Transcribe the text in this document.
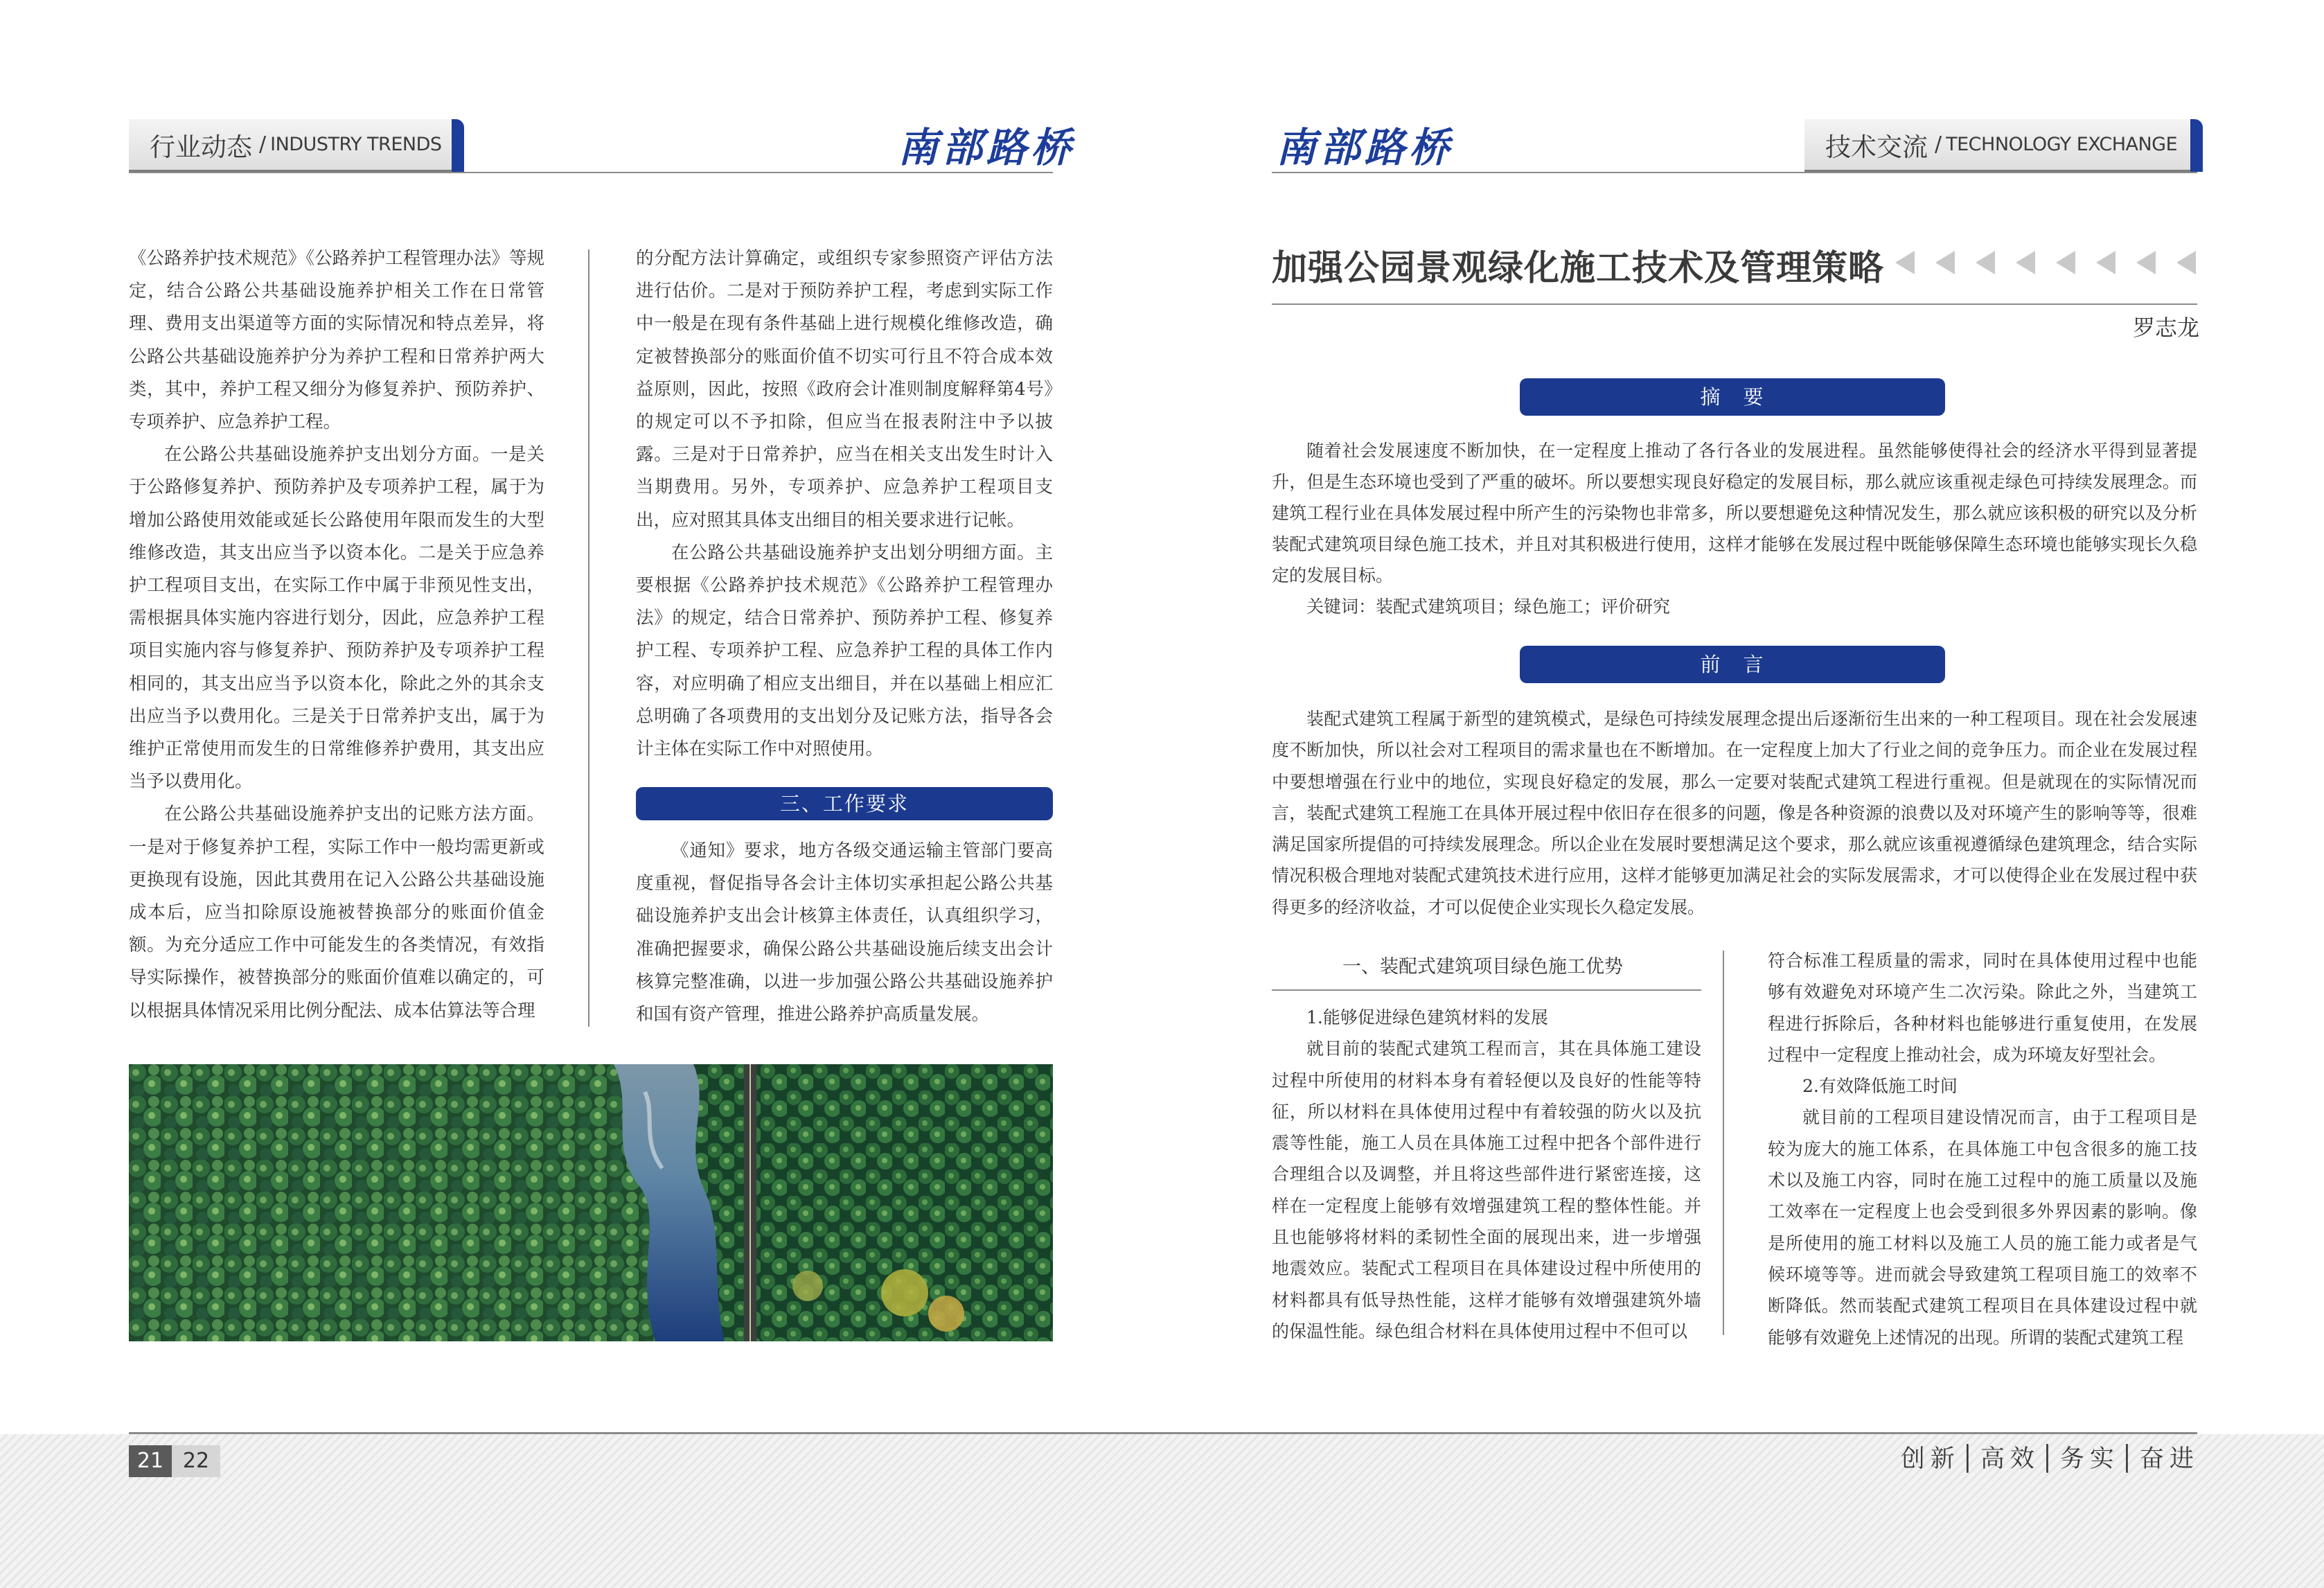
行业动态 / INDUSTRY TRENDS	南部路桥

《公路养护技术规范》《公路养护工程管理办法》等规定，结合公路公共基础设施养护相关工作在日常管理、费用支出渠道等方面的实际情况和特点差异，将公路公共基础设施养护分为养护工程和日常养护两大类，其中，养护工程又细分为修复养护、预防养护、专项养护、应急养护工程。

在公路公共基础设施养护支出划分方面。一是关于公路修复养护、预防养护及专项养护工程，属于为增加公路使用效能或延长公路使用年限而发生的大型维修改造，其支出应当予以资本化。二是关于应急养护工程项目支出，在实际工作中属于非预见性支出，需根据具体实施内容进行划分，因此，应急养护工程项目实施内容与修复养护、预防养护及专项养护工程相同的，其支出应当予以资本化，除此之外的其余支出应当予以费用化。三是关于日常养护支出，属于为维护正常使用而发生的日常维修养护费用，其支出应当予以费用化。

在公路公共基础设施养护支出的记账方法方面。一是对于修复养护工程，实际工作中一般均需更新或更换现有设施，因此其费用在记入公路公共基础设施成本后，应当扣除原设施被替换部分的账面价值金额。为充分适应工作中可能发生的各类情况，有效指导实际操作，被替换部分的账面价值难以确定的，可以根据具体情况采用比例分配法、成本估算法等合理

的分配方法计算确定，或组织专家参照资产评估方法进行估价。二是对于预防养护工程，考虑到实际工作中一般是在现有条件基础上进行规模化维修改造，确定被替换部分的账面价值不切实可行且不符合成本效益原则，因此，按照《政府会计准则制度解释第4号》的规定可以不予扣除，但应当在报表附注中予以披露。三是对于日常养护，应当在相关支出发生时计入当期费用。另外，专项养护、应急养护工程项目支出，应对照其具体支出细目的相关要求进行记帐。

在公路公共基础设施养护支出划分明细方面。主要根据《公路养护技术规范》《公路养护工程管理办法》的规定，结合日常养护、预防养护工程、修复养护工程、专项养护工程、应急养护工程的具体工作内容，对应明确了相应支出细目，并在以基础上相应汇总明确了各项费用的支出划分及记账方法，指导各会计主体在实际工作中对照使用。

三、工作要求

《通知》要求，地方各级交通运输主管部门要高度重视，督促指导各会计主体切实承担起公路公共基础设施养护支出会计核算主体责任，认真组织学习，准确把握要求，确保公路公共基础设施后续支出会计核算完整准确，以进一步加强公路公共基础设施养护和国有资产管理，推进公路养护高质量发展。

南部路桥	技术交流 / TECHNOLOGY EXCHANGE
加强公园景观绿化施工技术及管理策略
罗志龙
摘　要

随着社会发展速度不断加快，在一定程度上推动了各行各业的发展进程。虽然能够使得社会的经济水平得到显著提升，但是生态环境也受到了严重的破坏。所以要想实现良好稳定的发展目标，那么就应该重视走绿色可持续发展理念。而建筑工程行业在具体发展过程中所产生的污染物也非常多，所以要想避免这种情况发生，那么就应该积极的研究以及分析装配式建筑项目绿色施工技术，并且对其积极进行使用，这样才能够在发展过程中既能够保障生态环境也能够实现长久稳定的发展目标。

关键词：装配式建筑项目；绿色施工；评价研究

前　言

装配式建筑工程属于新型的建筑模式，是绿色可持续发展理念提出后逐渐衍生出来的一种工程项目。现在社会发展速度不断加快，所以社会对工程项目的需求量也在不断增加。在一定程度上加大了行业之间的竞争压力。而企业在发展过程中要想增强在行业中的地位，实现良好稳定的发展，那么一定要对装配式建筑工程进行重视。但是就现在的实际情况而言，装配式建筑工程施工在具体开展过程中依旧存在很多的问题，像是各种资源的浪费以及对环境产生的影响等等，很难满足国家所提倡的可持续发展理念。所以企业在发展时要想满足这个要求，那么就应该重视遵循绿色建筑理念，结合实际情况积极合理地对装配式建筑技术进行应用，这样才能够更加满足社会的实际发展需求，才可以使得企业在发展过程中获得更多的经济收益，才可以促使企业实现长久稳定发展。

一、装配式建筑项目绿色施工优势

1.能够促进绿色建筑材料的发展

就目前的装配式建筑工程而言，其在具体施工建设过程中所使用的材料本身有着轻便以及良好的性能等特征，所以材料在具体使用过程中有着较强的防火以及抗震等性能，施工人员在具体施工过程中把各个部件进行合理组合以及调整，并且将这些部件进行紧密连接，这样在一定程度上能够有效增强建筑工程的整体性能。并且也能够将材料的柔韧性全面的展现出来，进一步增强地震效应。装配式工程项目在具体建设过程中所使用的材料都具有低导热性能，这样才能够有效增强建筑外墙的保温性能。绿色组合材料在具体使用过程中不但可以

符合标准工程质量的需求，同时在具体使用过程中也能够有效避免对环境产生二次污染。除此之外，当建筑工程进行拆除后，各种材料也能够进行重复使用，在发展过程中一定程度上推动社会，成为环境友好型社会。

2.有效降低施工时间

就目前的工程项目建设情况而言，由于工程项目是较为庞大的施工体系，在具体施工中包含很多的施工技术以及施工内容，同时在施工过程中的施工质量以及施工效率在一定程度上也会受到很多外界因素的影响。像是所使用的施工材料以及施工人员的施工能力或者是气候环境等等。进而就会导致建筑工程项目施工的效率不断降低。然而装配式建筑工程项目在具体建设过程中就能够有效避免上述情况的出现。所谓的装配式建筑工程

21 22	创新│高效│务实│奋进
